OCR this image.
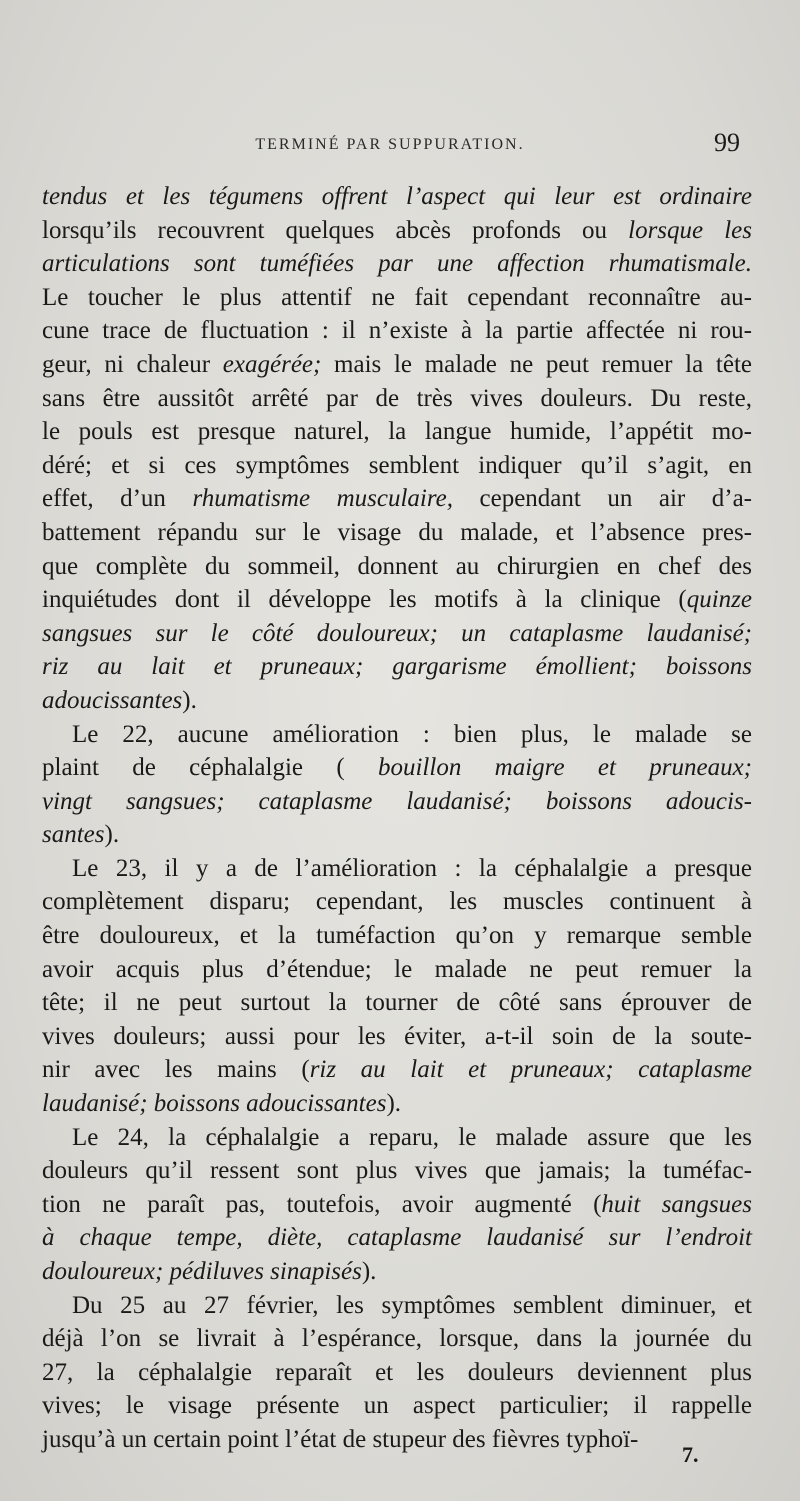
TERMINÉ PAR SUPPURATION.	99
tendus et les tégumens offrent l’aspect qui leur est ordinaire
lorsqu’ils recouvrent quelques abcès profonds ou lorsque les
articulations sont tuméfiées par une affection rhumatismale.
Le toucher le plus attentif ne fait cependant reconnaître au-
cune trace de fluctuation : il n’existe à la partie affectée ni rou-
geur, ni chaleur exagérée; mais le malade ne peut remuer la tête
sans être aussitôt arrêté par de très vives douleurs. Du reste,
le pouls est presque naturel, la langue humide, l’appétit mo-
déré; et si ces symptômes semblent indiquer qu’il s’agit, en
effet, d’un rhumatisme musculaire, cependant un air d’a-
battement répandu sur le visage du malade, et l’absence pres-
que complète du sommeil, donnent au chirurgien en chef des
inquiétudes dont il développe les motifs à la clinique (quinze
sangsues sur le côté douloureux; un cataplasme laudanisé;
riz au lait et pruneaux; gargarisme émollient; boissons
adoucissantes).
Le 22, aucune amélioration : bien plus, le malade se
plaint de céphalalgie ( bouillon maigre et pruneaux;
vingt sangsues; cataplasme laudanisé; boissons adoucis-
santes).
Le 23, il y a de l’amélioration : la céphalalgie a presque
complètement disparu; cependant, les muscles continuent à
être douloureux, et la tuméfaction qu’on y remarque semble
avoir acquis plus d’étendue; le malade ne peut remuer la
tête; il ne peut surtout la tourner de côté sans éprouver de
vives douleurs; aussi pour les éviter, a-t-il soin de la soute-
nir avec les mains (riz au lait et pruneaux; cataplasme
laudanisé; boissons adoucissantes).
Le 24, la céphalalgie a reparu, le malade assure que les
douleurs qu’il ressent sont plus vives que jamais; la tuméfac-
tion ne paraît pas, toutefois, avoir augmenté (huit sangsues
à chaque tempe, diète, cataplasme laudanisé sur l’endroit
douloureux; pédiluves sinapisés).
Du 25 au 27 février, les symptômes semblent diminuer, et
déjà l’on se livrait à l’espérance, lorsque, dans la journée du
27, la céphalalgie reparaît et les douleurs deviennent plus
vives; le visage présente un aspect particulier; il rappelle
jusqu’à un certain point l’état de stupeur des fièvres typhoï-
7.
